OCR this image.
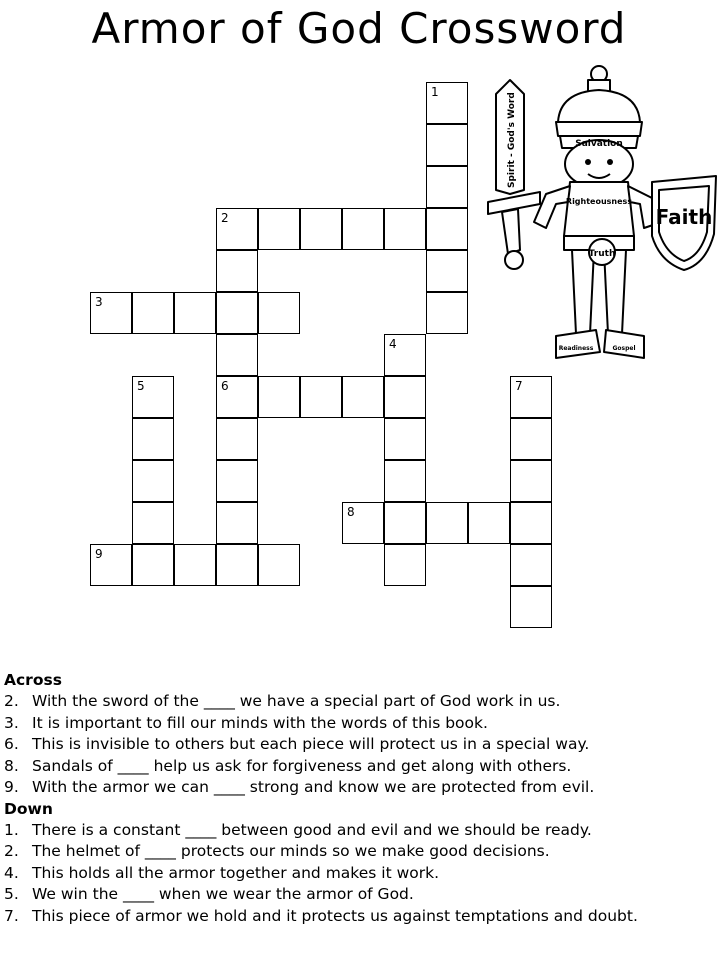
Armor of God Crossword
1
2
6
3
4
5	7
8
9
Spirit - God's Word	Salvation
Righteousness
Truth
Faith
Readiness	Gospel
Across
2. With the sword of the ____ we have a special part of God work in us.
3. It is important to fill our minds with the words of this book.
6. This is invisible to others but each piece will protect us in a special way.
8. Sandals of ____ help us ask for forgiveness and get along with others.
9. With the armor we can ____ strong and know we are protected from evil.
Down
1. There is a constant ____ between good and evil and we should be ready.
2. The helmet of ____ protects our minds so we make good decisions.
4. This holds all the armor together and makes it work.
5. We win the ____ when we wear the armor of God.
7. This piece of armor we hold and it protects us against temptations and doubt.
